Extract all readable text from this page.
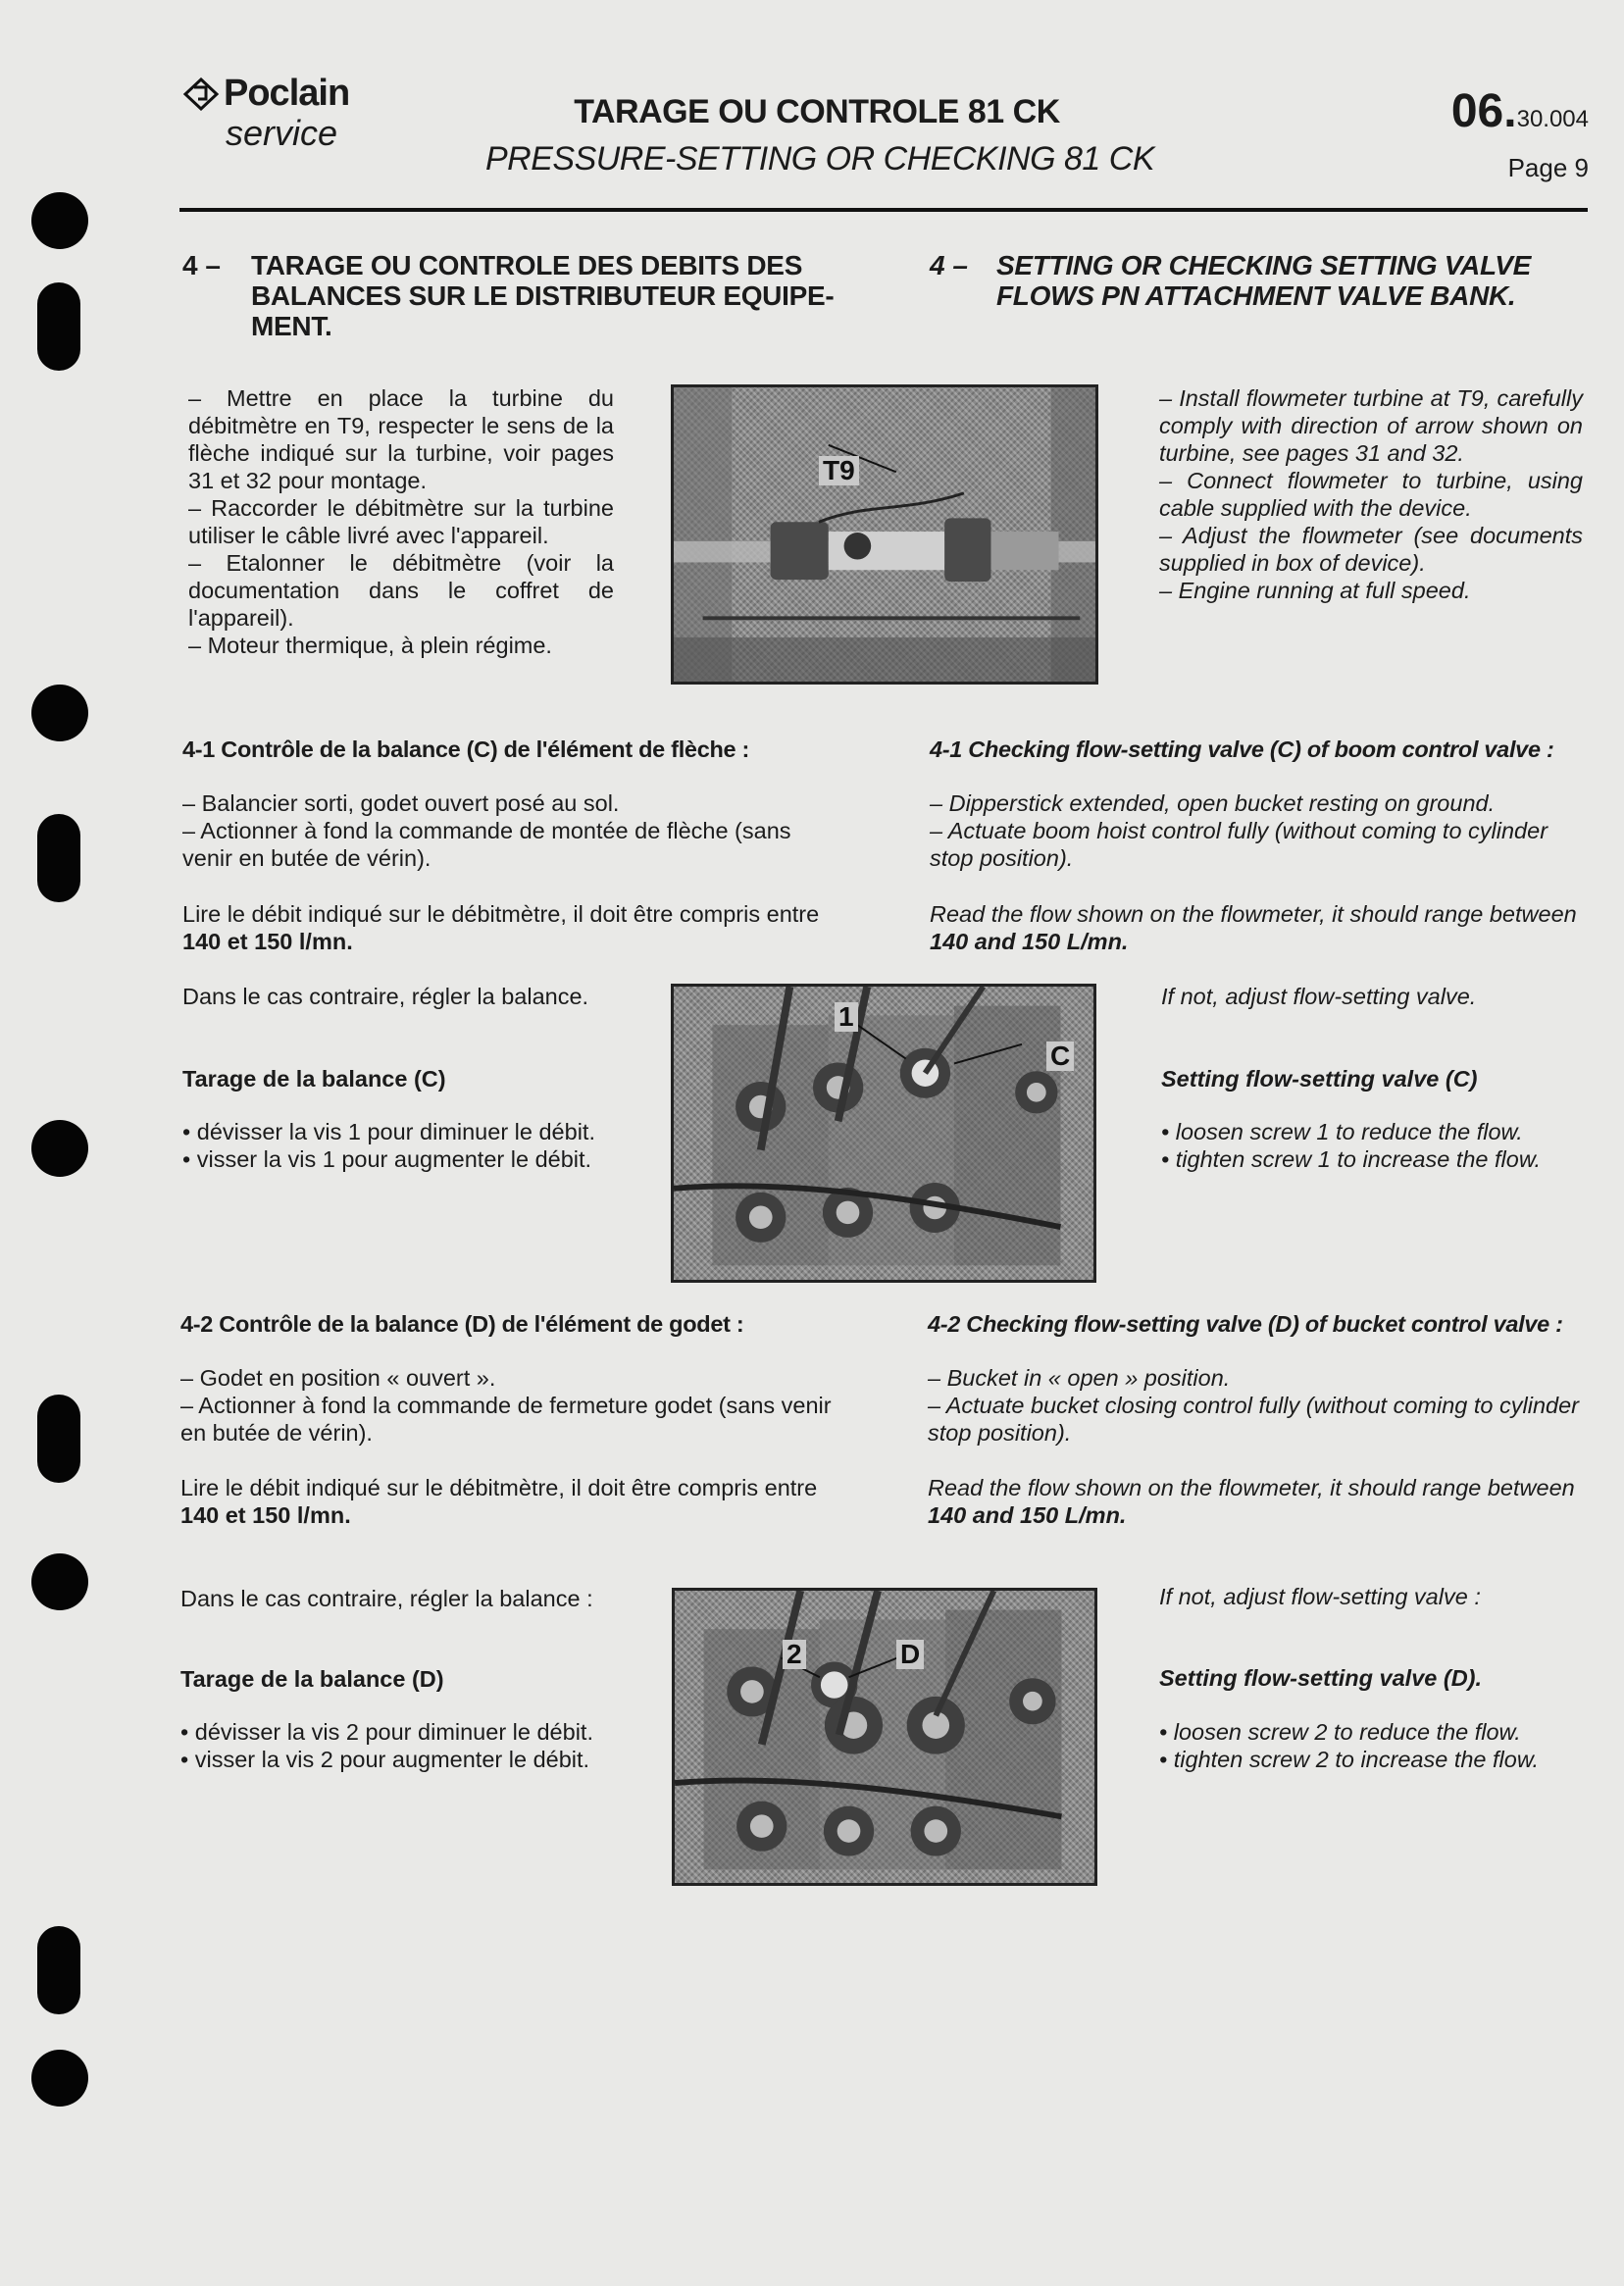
Poclain
service
TARAGE OU CONTROLE 81 CK
PRESSURE-SETTING OR CHECKING 81 CK
06.30.004
Page 9
4 –	TARAGE OU CONTROLE DES DEBITS DES BALANCES SUR LE DISTRIBUTEUR EQUIPE-MENT.
4 –	SETTING OR CHECKING SETTING VALVE FLOWS PN ATTACHMENT VALVE BANK.

– Mettre en place la turbine du débitmètre en T9, respecter le sens de la flèche indiqué sur la turbine, voir pages 31 et 32 pour montage.

– Raccorder le débitmètre sur la turbine utiliser le câble livré avec l'appareil.

– Etalonner le débitmètre (voir la documentation dans le coffret de l'appareil).

– Moteur thermique, à plein régime.

T9

– Install flowmeter turbine at T9, carefully comply with direction of arrow shown on turbine, see pages 31 and 32.

– Connect flowmeter to turbine, using cable supplied with the device.

– Adjust the flowmeter (see documents supplied in box of device).

– Engine running at full speed.

4-1 Contrôle de la balance (C) de l'élément de flèche :	4-1 Checking flow-setting valve (C) of boom control valve :

– Balancier sorti, godet ouvert posé au sol.

– Actionner à fond la commande de montée de flèche (sans venir en butée de vérin).

– Dipperstick extended, open bucket resting on ground.

– Actuate boom hoist control fully (without coming to cylinder stop position).

Lire le débit indiqué sur le débitmètre, il doit être compris entre 140 et 150 l/mn.
Read the flow shown on the flowmeter, it should range between 140 and 150 L/mn.
Dans le cas contraire, régler la balance.	If not, adjust flow-setting valve.
Tarage de la balance (C)	Setting flow-setting valve (C)

• dévisser la vis 1 pour diminuer le débit.

• visser la vis 1 pour augmenter le débit.

• loosen screw 1 to reduce the flow.

• tighten screw 1 to increase the flow.

1
C
4-2 Contrôle de la balance (D) de l'élément de godet :	4-2 Checking flow-setting valve (D) of bucket control valve :

– Godet en position « ouvert ».

– Actionner à fond la commande de fermeture godet (sans venir en butée de vérin).

– Bucket in « open » position.

– Actuate bucket closing control fully (without coming to cylinder stop position).

Lire le débit indiqué sur le débitmètre, il doit être compris entre 140 et 150 l/mn.
Read the flow shown on the flowmeter, it should range between 140 and 150 L/mn.
Dans le cas contraire, régler la balance :	If not, adjust flow-setting valve :
Tarage de la balance (D)	Setting flow-setting valve (D).

• dévisser la vis 2 pour diminuer le débit.

• visser la vis 2 pour augmenter le débit.

• loosen screw 2 to reduce the flow.

• tighten screw 2 to increase the flow.

2	D
